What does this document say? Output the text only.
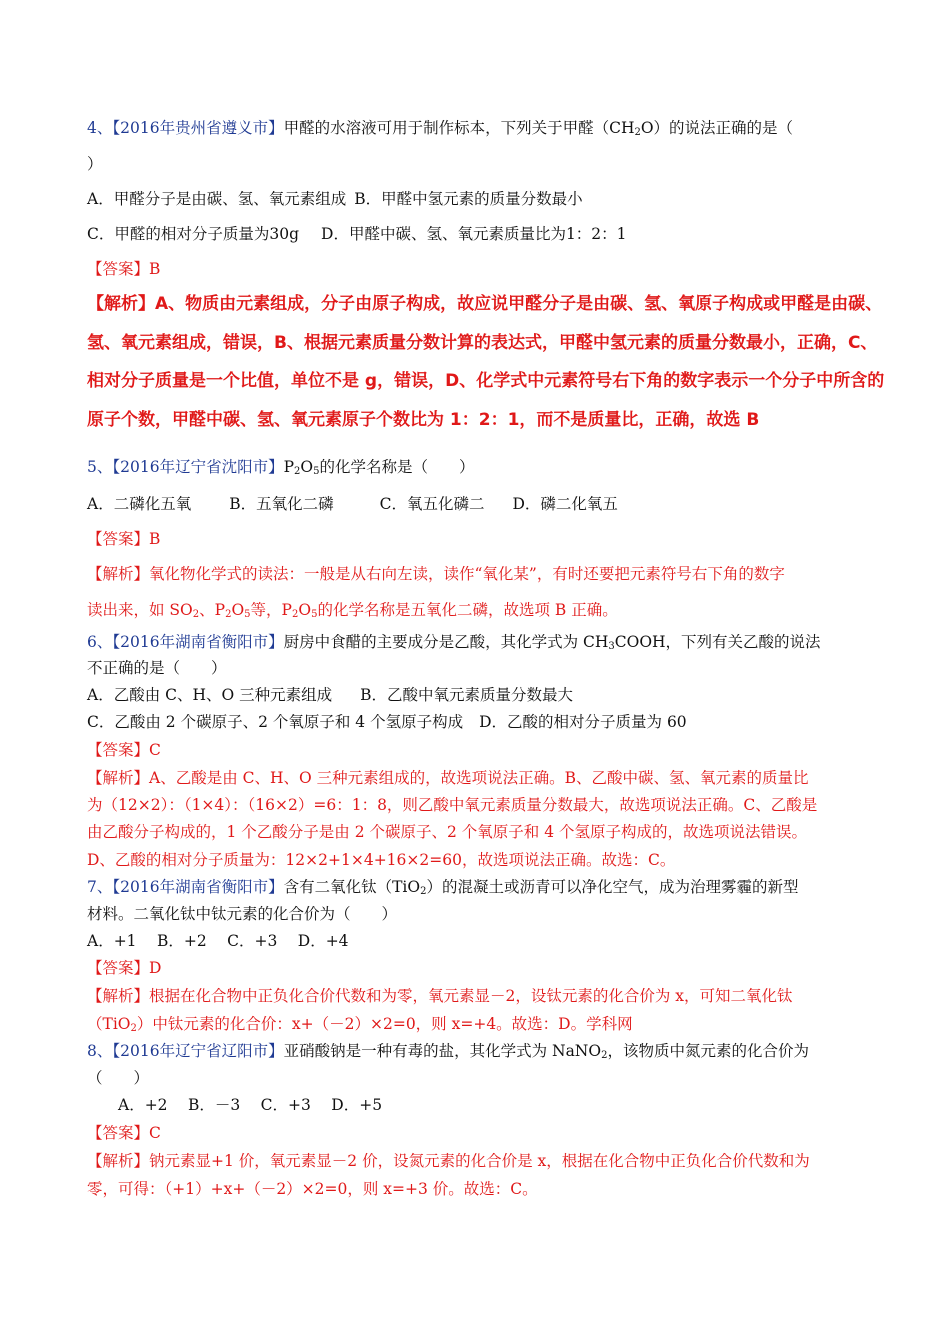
4、【2016年贵州省遵义市】甲醛的水溶液可用于制作标本，下列关于甲醛$(CH_2O)$的说法正确的是（
）
A．甲醛分子是由碳、氢、氧元素组成 B．甲醛中氢元素的质量分数最小
C．甲醛的相对分子质量为30g D．甲醛中碳、氢、氧元素质量比为1：2：1
【答案】B
【解析】A、物质由元素组成，分子由原子构成，故应说甲醛分子是由碳、氢、氧原子构成或甲醛是由碳、
氢、氧元素组成，错误，B、根据元素质量分数计算的表达式，甲醛中氢元素的质量分数最小，正确，C、
相对分子质量是一个比值，单位不是 g，错误，D、化学式中元素符号右下角的数字表示一个分子中所含的
原子个数，甲醛中碳、氢、氧元素原子个数比为 1：2：1，而不是质量比，正确，故选 B
5、【2016年辽宁省沈阳市】$P_2O_5$的化学名称是（　　）
A．二磷化五氧 B．五氧化二磷	C．氧五化磷二 D．磷二化氧五
【答案】B
【解析】氧化物化学式的读法：一般是从右向左读，读作“氧化某”，有时还要把元素符号右下角的数字
读出来，如 $SO_2$、$P_2O_5$等，$P_2O_5$的化学名称是五氧化二磷，故选项 B 正确。
6、【2016年湖南省衡阳市】厨房中食醋的主要成分是乙酸，其化学式为 $CH_3COOH$，下列有关乙酸的说法
不正确的是（　　）
A．乙酸由 C、H、O 三种元素组成 B．乙酸中氧元素质量分数最大
C．乙酸由 2 个碳原子、2 个氧原子和 4 个氢原子构成 D．乙酸的相对分子质量为 60
【答案】C
【解析】A、乙酸是由 C、H、O 三种元素组成的，故选项说法正确。B、乙酸中碳、氢、氧元素的质量比
为（12×2）：（1×4）：（16×2）=6：1：8，则乙酸中氧元素质量分数最大，故选项说法正确。C、乙酸是
由乙酸分子构成的，1 个乙酸分子是由 2 个碳原子、2 个氧原子和 4 个氢原子构成的，故选项说法错误。
D、乙酸的相对分子质量为：12×2+1×4+16×2=60，故选项说法正确。故选：C。
7、【2016年湖南省衡阳市】含有二氧化钛（TiO$_2$）的混凝土或沥青可以净化空气，成为治理雾霾的新型
材料。二氧化钛中钛元素的化合价为（　　）
A．+1　 B．+2　 C．+3　 D．+4
【答案】D
【解析】根据在化合物中正负化合价代数和为零，氧元素显－2，设钛元素的化合价为 x，可知二氧化钛
（TiO$_2$）中钛元素的化合价：x+（－2）×2=0，则 x=+4。故选：D。学科网
8、【2016年辽宁省辽阳市】亚硝酸钠是一种有毒的盐，其化学式为 NaNO$_2$，该物质中氮元素的化合价为
（　　）
A．+2　 B．－3　 C．+3　 D．+5
【答案】C
【解析】钠元素显+1 价，氧元素显－2 价，设氮元素的化合价是 x，根据在化合物中正负化合价代数和为
零，可得：（+1）+x+（－2）×2=0，则 x=+3 价。故选：C。
